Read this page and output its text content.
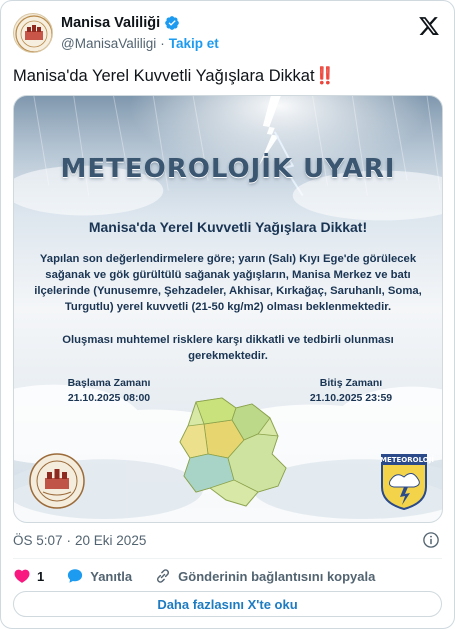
Manisa Valiliği
@ManisaValiligi · Takip et
Manisa'da Yerel Kuvvetli Yağışlara Dikkat‼️
METEOROLOJİK UYARI
Manisa'da Yerel Kuvvetli Yağışlara Dikkat!
Yapılan son değerlendirmelere göre; yarın (Salı) Kıyı Ege'de görülecek sağanak ve gök gürültülü sağanak yağışların, Manisa Merkez ve batı ilçelerinde (Yunusemre, Şehzadeler, Akhisar, Kırkağaç, Saruhanlı, Soma, Turgutlu) yerel kuvvetli (21-50 kg/m2) olması beklenmektedir.
Oluşması muhtemel risklere karşı dikkatli ve tedbirli olunması gerekmektedir.
Başlama Zamanı
21.10.2025 08:00
Bitiş Zamanı
21.10.2025 23:59
METEOROLOJİ
ÖS 5:07 · 20 Eki 2025
1	Yanıtla	Gönderinin bağlantısını kopyala
Daha fazlasını X'te oku
